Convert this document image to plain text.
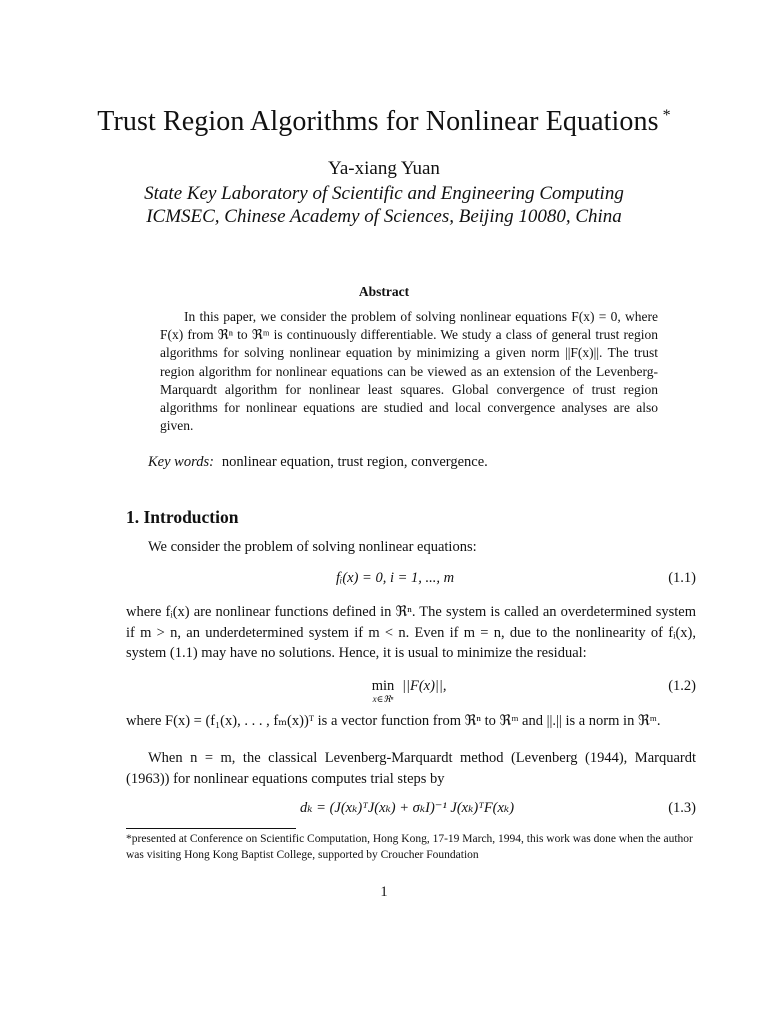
Trust Region Algorithms for Nonlinear Equations *
Ya-xiang Yuan
State Key Laboratory of Scientific and Engineering Computing
ICMSEC, Chinese Academy of Sciences, Beijing 10080, China
Abstract

In this paper, we consider the problem of solving nonlinear equations F(x) = 0, where F(x) from ℜⁿ to ℜᵐ is continuously differentiable. We study a class of general trust region algorithms for solving nonlinear equation by minimizing a given norm ||F(x)||. The trust region algorithm for nonlinear equations can be viewed as an extension of the Levenberg-Marquardt algorithm for nonlinear least squares. Global convergence of trust region algorithms for nonlinear equations are studied and local convergence analyses are also given.

Key words: nonlinear equation, trust region, convergence.
1. Introduction
We consider the problem of solving nonlinear equations:
fᵢ(x) = 0, i = 1, ..., m	(1.1)
where fᵢ(x) are nonlinear functions defined in ℜⁿ. The system is called an overdetermined system if m > n, an underdetermined system if m < n. Even if m = n, due to the nonlinearity of fᵢ(x), system (1.1) may have no solutions. Hence, it is usual to minimize the residual:
min
x∈ℜⁿ
||F(x)||,	(1.2)
where F(x) = (f₁(x), . . . , fₘ(x))ᵀ is a vector function from ℜⁿ to ℜᵐ and ||.|| is a norm in ℜᵐ.
When n = m, the classical Levenberg-Marquardt method (Levenberg (1944), Marquardt (1963)) for nonlinear equations computes trial steps by
dₖ = (J(xₖ)ᵀJ(xₖ) + σₖI)⁻¹ J(xₖ)ᵀF(xₖ)	(1.3)
*presented at Conference on Scientific Computation, Hong Kong, 17-19 March, 1994, this work was done when the author was visiting Hong Kong Baptist College, supported by Croucher Foundation
1
